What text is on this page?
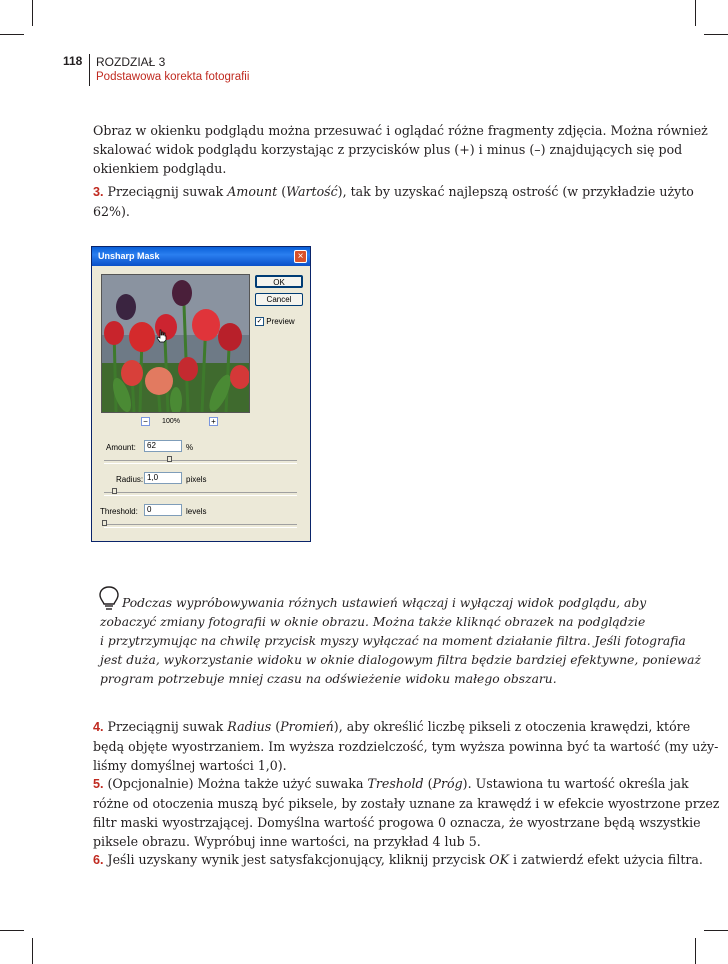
118 ROZDZIAŁ 3
Podstawowa korekta fotografii

Obraz w okienku podglądu można przesuwać i oglądać różne fragmenty zdjęcia. Można również
skalować widok podglądu korzystając z przycisków plus (+) i minus (–) znajdujących się pod
okienkiem podglądu.

3. Przeciągnij suwak Amount (Wartość), tak by uzyskać najlepszą ostrość (w przykładzie użyto
62%).

Unsharp Mask	×
OK
Cancel
✓ Preview
−	100%	+
Amount:	62	%
Radius: 1,0	pixels
Threshold:	0	levels

Podczas wypróbowywania różnych ustawień włączaj i wyłączaj widok podglądu, aby
zobaczyć zmiany fotografii w oknie obrazu. Można także kliknąć obrazek na podglądzie
i przytrzymując na chwilę przycisk myszy wyłączać na moment działanie filtra. Jeśli fotografia
jest duża, wykorzystanie widoku w oknie dialogowym filtra będzie bardziej efektywne, ponieważ
program potrzebuje mniej czasu na odświeżenie widoku małego obszaru.

4. Przeciągnij suwak Radius (Promień), aby określić liczbę pikseli z otoczenia krawędzi, które
będą objęte wyostrzaniem. Im wyższa rozdzielczość, tym wyższa powinna być ta wartość (my uży-
liśmy domyślnej wartości 1,0).

5. (Opcjonalnie) Można także użyć suwaka Treshold (Próg). Ustawiona tu wartość określa jak
różne od otoczenia muszą być piksele, by zostały uznane za krawędź i w efekcie wyostrzone przez
filtr maski wyostrzającej. Domyślna wartość progowa 0 oznacza, że wyostrzane będą wszystkie
piksele obrazu. Wypróbuj inne wartości, na przykład 4 lub 5.

6. Jeśli uzyskany wynik jest satysfakcjonujący, kliknij przycisk OK i zatwierdź efekt użycia filtra.
